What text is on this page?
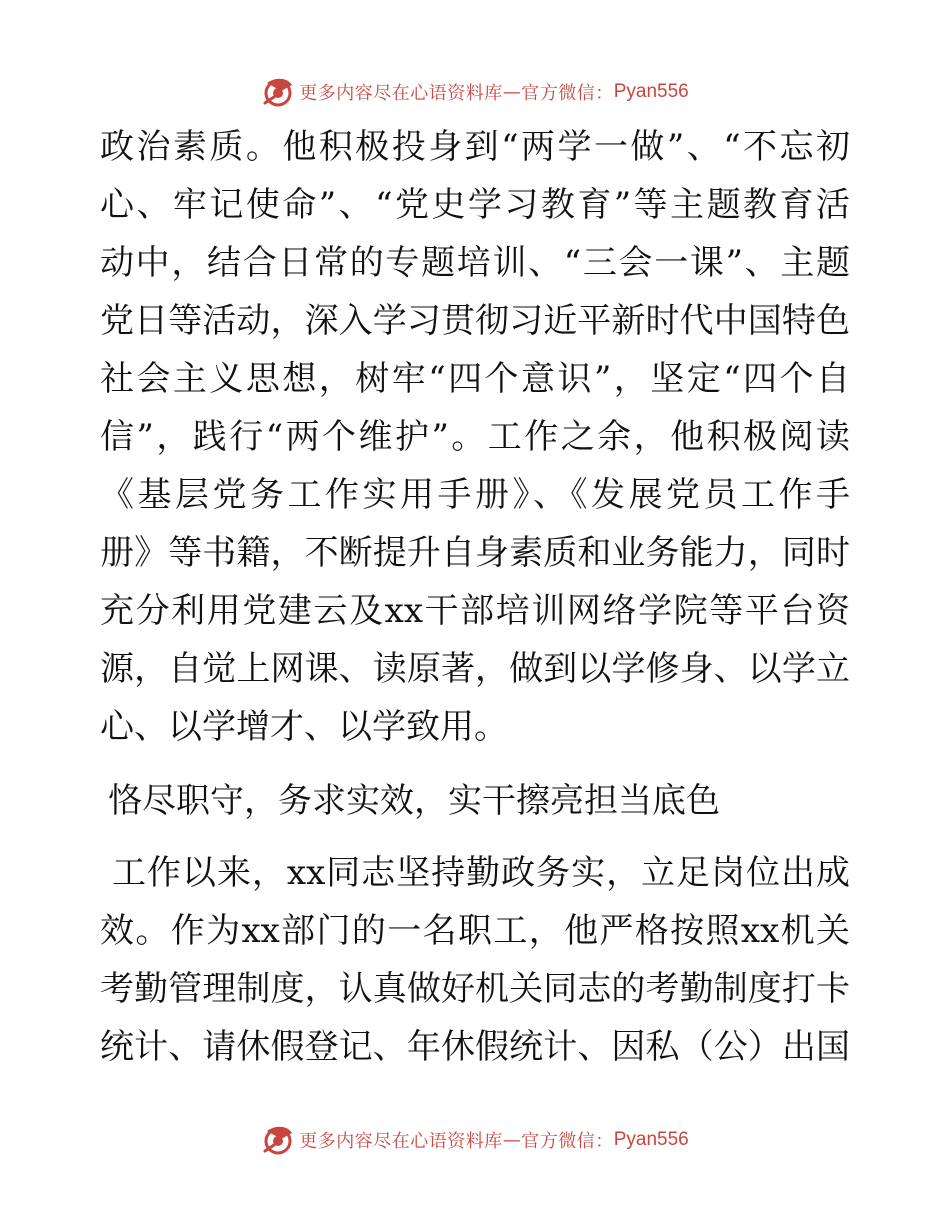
更多内容尽在心语资料库 — 官方微信： Pyan556
政治素质。他积极投身到“两学一做”、“不忘初
心、牢记使命”、“党史学习教育”等主题教育活
动中，结合日常的专题培训、“三会一课”、主题
党日等活动，深入学习贯彻习近平新时代中国特色
社会主义思想，树牢“四个意识”，坚定“四个自
信”，践行“两个维护”。工作之余，他积极阅读
《基层党务工作实用手册》、《发展党员工作手
册》等书籍，不断提升自身素质和业务能力，同时
充分利用党建云及xx干部培训网络学院等平台资
源，自觉上网课、读原著，做到以学修身、以学立
心、以学增才、以学致用。
恪尽职守，务求实效，实干擦亮担当底色
工作以来，xx同志坚持勤政务实，立足岗位出成
效。作为xx部门的一名职工，他严格按照xx机关
考勤管理制度，认真做好机关同志的考勤制度打卡
统计、请休假登记、年休假统计、因私（公）出国
更多内容尽在心语资料库 — 官方微信： Pyan556
